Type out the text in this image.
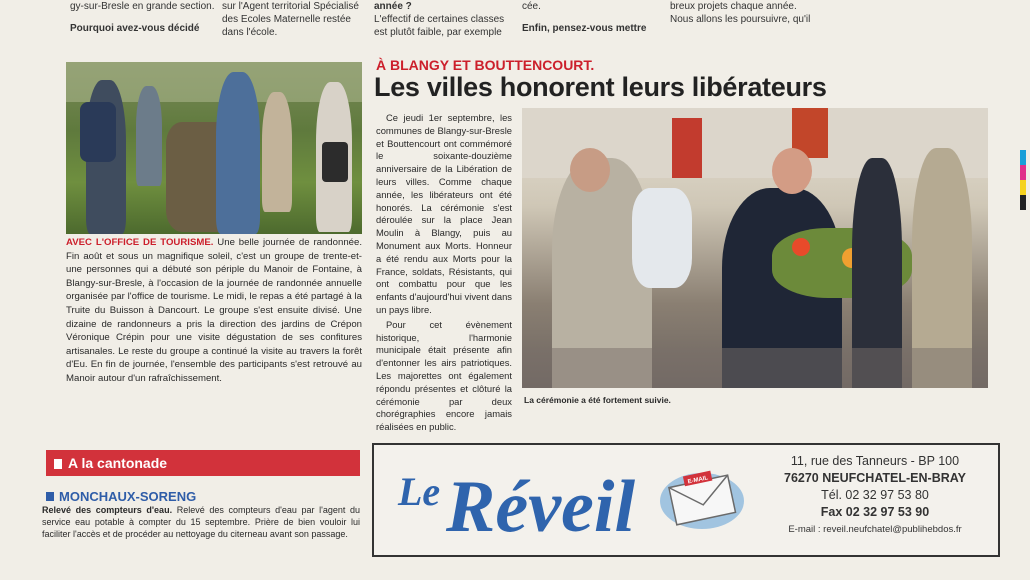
gy-sur-Bresle en grande section.
Pourquoi avez-vous décidé
sur l'Agent territorial Spécialisé
des Ecoles Maternelle restée
dans l'école.
année ?
L'effectif de certaines classes
est plutôt faible, par exemple
cée.
Enfin, pensez-vous mettre
breux projets chaque année.
Nous allons les poursuivre, qu'il
AVEC L'OFFICE DE TOURISME. Une belle journée de randonnée. Fin août et sous un magnifique soleil, c'est un groupe de trente-et-une personnes qui a débuté son périple du Manoir de Fontaine, à Blangy-sur-Bresle, à l'occasion de la journée de randonnée annuelle organisée par l'office de tourisme. Le midi, le repas a été partagé à la Truite du Buisson à Dancourt. Le groupe s'est ensuite divisé. Une dizaine de randonneurs a pris la direction des jardins de Crépon Véronique Crépin pour une visite dégustation de ses confitures artisanales. Le reste du groupe a continué la visite au travers la forêt d'Eu. En fin de journée, l'ensemble des participants s'est retrouvé au Manoir autour d'un rafraîchissement.
À BLANGY ET BOUTTENCOURT.
Les villes honorent leurs libérateurs

Ce jeudi 1er septembre, les communes de Blangy-sur-Bresle et Bouttencourt ont commémoré le soixante-douzième anniversaire de la Libération de leurs villes. Comme chaque année, les libérateurs ont été honorés. La cérémonie s'est déroulée sur la place Jean Moulin à Blangy, puis au Monument aux Morts. Honneur a été rendu aux Morts pour la France, soldats, Résistants, qui ont combattu pour que les enfants d'aujourd'hui vivent dans un pays libre.

Pour cet évènement historique, l'harmonie municipale était présente afin d'entonner les airs patriotiques. Les majorettes ont également répondu présentes et clôturé la cérémonie par deux chorégraphies encore jamais réalisées en public.

La cérémonie a été fortement suivie.
A la cantonade
MONCHAUX-SORENG
Relevé des compteurs d'eau. Relevé des compteurs d'eau par l'agent du service eau potable à compter du 15 septembre. Prière de bien vouloir lui faciliter l'accès et de procéder au nettoyage du citerneau avant son passage.
Le Réveil	E-MAIL
11, rue des Tanneurs - BP 100
76270 NEUFCHATEL-EN-BRAY
Tél. 02 32 97 53 80
Fax 02 32 97 53 90
E-mail : reveil.neufchatel@publihebdos.fr
